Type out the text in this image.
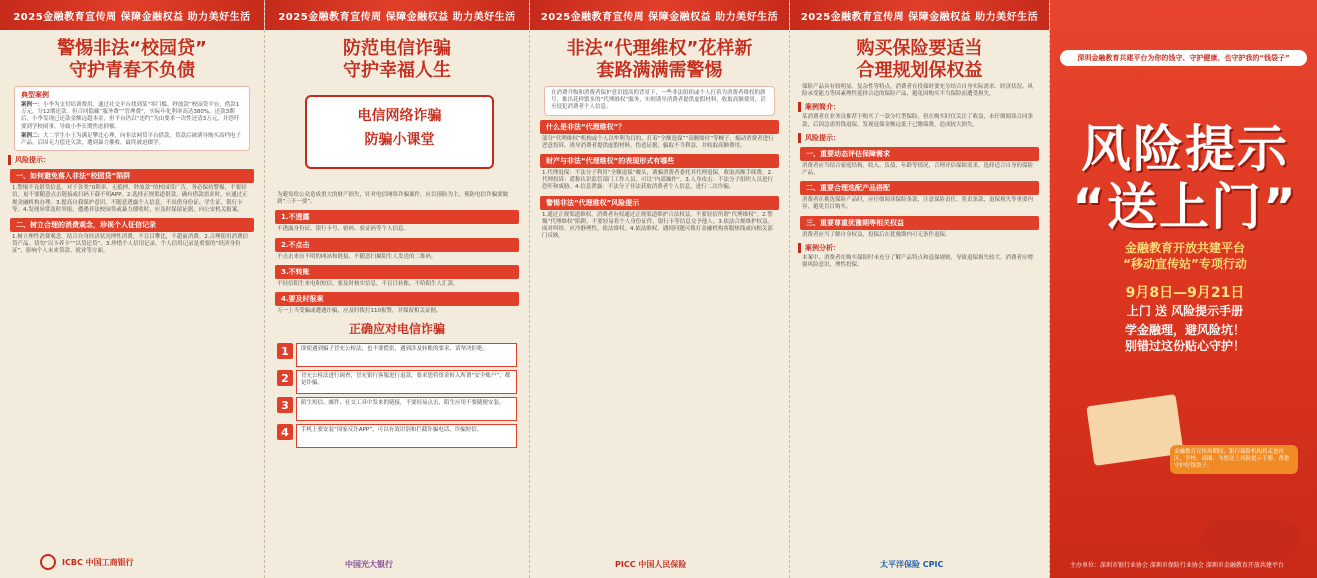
2025金融教育宣传周 保障金融权益 助力美好生活
警惕非法“校园贷”
守护青春不负债
典型案例
案例一：小李为支付培训费用，通过社交平台找到某“零门槛、秒放款”校园贷平台，借款1万元，分12期还款。但合同隐藏“服务费”“管理费”，实际年化利率高达380%，还款3期后，小李发现已还款金额远超本金，但平台仍以“违约”为由要求一次性还清3万元，并恐吓要到学校闹事，导致小李长期焦虑抑郁。
案例二：大二学生小王为满足攀比心理，向非法网贷平台借款，贷款后被诱导购买高档电子产品，后因无力偿还欠款，遭到暴力催收，最终被迫辍学。
风险提示：
一、如何避免落入非法“校园贷”陷阱
1.警惕不良借贷信息。对于各类“0利率、无抵押、秒放款”的校园贷广告，务必保持警惕，不要轻信，更不要随意点击链接或扫码下载不明APP。2.选择正规渠道借款。确有借款需求时，应通过正规金融机构办理。3.提高自我保护意识。不随意透露个人信息，不出借身份证、学生证、银行卡等。4.发现异常及时举报。遭遇非法校园贷或暴力催收时，应及时保留证据，向公安机关报案。
二、树立合理的消费观念，珍视个人征信记录
1.树立理性消费观念。结合自身经济状况理性消费，不盲目攀比，不超前消费。2.合理使用消费信贷产品。切勿“以卡养卡”“以贷还贷”。3.珍惜个人信用记录。个人信用记录是重要的“经济身份证”，影响个人未来贷款、就业等方面。
ICBC 中国工商银行
2025金融教育宣传周 保障金融权益 助力美好生活
防范电信诈骗
守护幸福人生
电信网络诈骗
防骗小课堂
为避免给公众造成重大的财产损失，针对电信网络诈骗案件，应以预防为主，预防电信诈骗要做到“三不一要”。
1.不透露
不透露身份证、银行卡号、密码、验证码等个人信息。
2.不点击
不点击来历不明的网站和链接，不随意扫描陌生人发送的二维码。
3.不转账
不轻信陌生来电和短信，要及时核实信息，不盲目转账，不给陌生人汇款。
4.要及时报案
万一上当受骗或遭遇诈骗，应及时拨打110报警，并保留相关证据。
正确应对电信诈骗
1	即使遇到骗子冒充公检法，也不要慌张，遇到涉及转账的要求，请坚决拒绝。
2	冒充公检法进行调查，冒充银行客服进行退款，要求您将资金转入所谓“安全账户”，都是诈骗。
3	陌生短信、邮件、社交工具中发来的链接，不要轻易点击，陌生应用不要随便安装。
4	手机上要安装“国家反诈APP”，可以有效识别和拦截诈骗电话、诈骗短信。
中国光大银行
2025金融教育宣传周 保障金融权益 助力美好生活
非法“代理维权”花样新
套路满满需警惕
在消费升级和消费者保护意识提高的背景下，一些非法组织或个人打着为消费者维权的旗号，推出花样繁多的“代理维权”服务，实则诱导消费者提供虚假材料，收取高额费用，甚至侵犯消费者个人信息。
什么是非法“代理维权”？
部分“代理维权”机构或个人以牟利为目的，打着“全额退保”“高额赔付”等幌子，煽动消费者进行恶意投诉，诱导消费者提供虚假材料，伪造证据，骗取不当利益，并收取高额费用。
财产与非法“代理维权”的表现形式有哪些
1.代理退保：不法分子利用“全额退保”噱头，诱骗消费者委托其代理退保，收取高额手续费。2.代理投诉：谎称认识监管部门工作人员，可以“内部操作”。3.人身攻击：不法分子组织人员进行恐吓和威胁。4.信息泄露：不法分子非法获取消费者个人信息，进行二次诈骗。
警惕非法“代理维权”风险提示
1.通过正规渠道维权。消费者有权通过正规渠道维护合法权益，不要轻信所谓“代理维权”。2.警惕“代理维权”陷阱。不要轻易将个人身份证件、银行卡等信息交予他人。3.依法合规维护权益。面对纠纷，应冷静理性，依法维权。4.依法维权。遇到问题可拨打金融机构客服热线或向相关部门反映。
PICC 中国人民保险
2025金融教育宣传周 保障金融权益 助力美好生活
购买保险要适当
合理规划保权益
保险产品具有较明显、复杂性等特点，消费者在投保时要充分结合自身实际需求、经济状况、风险承受能力等因素理性选择合适的保险产品，避免因购买不当保险而遭受损失。
案例简介：
某消费者在业务员推荐下购买了一款分红型保险，但在购买时仅关注了收益，未仔细阅读合同条款，后因急需用钱退保，发现退保金额远低于已缴保费，造成较大损失。
风险提示：
一、重要动态评估保障需求
消费者应当结合家庭结构、收入、负债、年龄等情况，合理评估保障需求，选择适合自身的保险产品。
二、重要合理选配产品搭配
消费者在挑选保险产品时，应仔细阅读保险条款，注意保险责任、免责条款、退保损失等重要内容，避免盲目购买。
三、重要尊重犹豫期等相关权益
消费者应当了解自身权益，投保后在犹豫期内可无条件退保。
案例分析：
本案中，消费者在购买保险时未充分了解产品特点和退保规则，导致退保损失较大。消费者应增强风险意识，理性投保。
太平洋保险 CPIC
深圳金融教育共建平台为你的钱守、守护健康、也守护我的“钱袋子”
风险提示
“送上门”
金融教育开放共建平台
“移动宣传站”专项行动
9月8日—9月21日
上门 送 风险提示手册
学金融理，避风险坑！
别错过这份贴心守护！
金融教育宣传周期间，银行保险机构将走进社区、学校、商圈，为您送上风险提示手册，帮您守护好钱袋子。
主办单位：深圳市银行业协会 深圳市保险行业协会 深圳市金融教育开放共建平台
